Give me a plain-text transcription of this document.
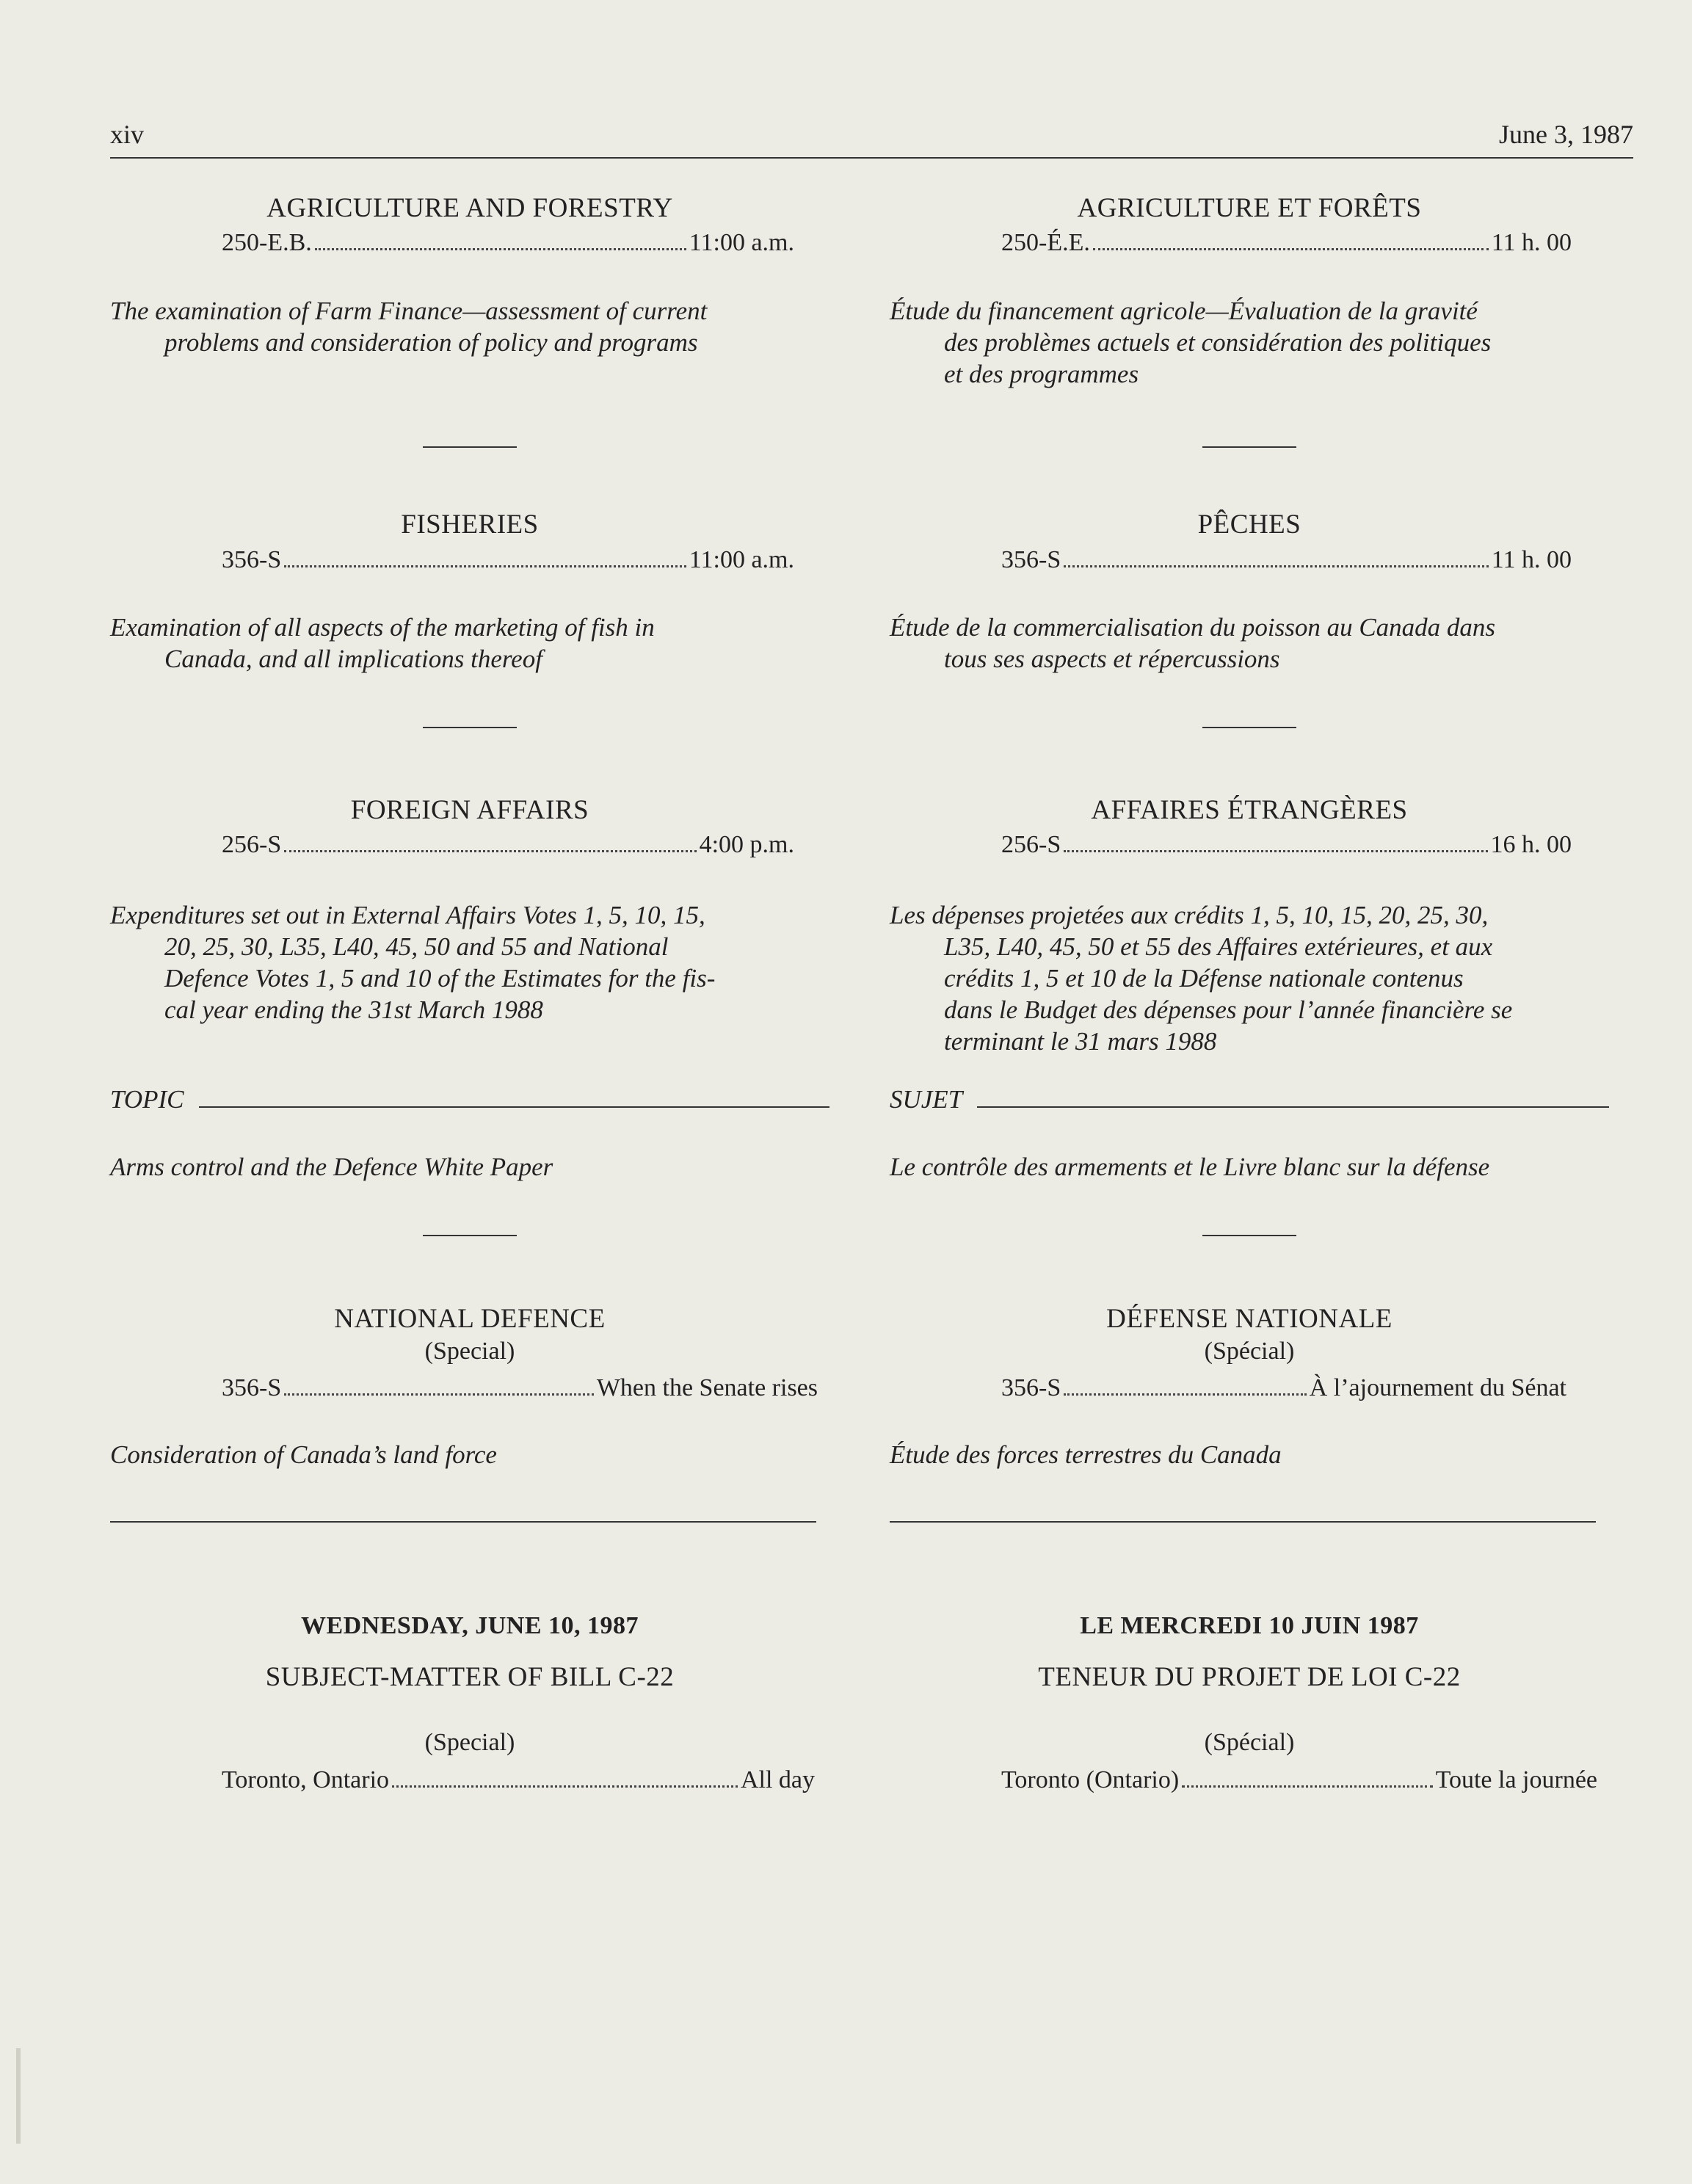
xiv	June 3, 1987
AGRICULTURE AND FORESTRY
250-E.B.	11:00 a.m.
The examination of Farm Finance—assessment of current
problems and consideration of policy and programs
FISHERIES
356-S	11:00 a.m.
Examination of all aspects of the marketing of fish in
Canada, and all implications thereof
FOREIGN AFFAIRS
256-S	4:00 p.m.
Expenditures set out in External Affairs Votes 1, 5, 10, 15,
20, 25, 30, L35, L40, 45, 50 and 55 and National
Defence Votes 1, 5 and 10 of the Estimates for the fis-
cal year ending the 31st March 1988
TOPIC
Arms control and the Defence White Paper
NATIONAL DEFENCE
(Special)
356-S	When the Senate rises
Consideration of Canada’s land force
WEDNESDAY, JUNE 10, 1987
SUBJECT-MATTER OF BILL C-22
(Special)
Toronto, Ontario	All day
AGRICULTURE ET FORÊTS
250-É.E.	11 h. 00
Étude du financement agricole—Évaluation de la gravité
des problèmes actuels et considération des politiques
et des programmes
PÊCHES
356-S	11 h. 00
Étude de la commercialisation du poisson au Canada dans
tous ses aspects et répercussions
AFFAIRES ÉTRANGÈRES
256-S	16 h. 00
Les dépenses projetées aux crédits 1, 5, 10, 15, 20, 25, 30,
L35, L40, 45, 50 et 55 des Affaires extérieures, et aux
crédits 1, 5 et 10 de la Défense nationale contenus
dans le Budget des dépenses pour l’année financière se
terminant le 31 mars 1988
SUJET
Le contrôle des armements et le Livre blanc sur la défense
DÉFENSE NATIONALE
(Spécial)
356-S	À l’ajournement du Sénat
Étude des forces terrestres du Canada
LE MERCREDI 10 JUIN 1987
TENEUR DU PROJET DE LOI C-22
(Spécial)
Toronto (Ontario)	Toute la journée
